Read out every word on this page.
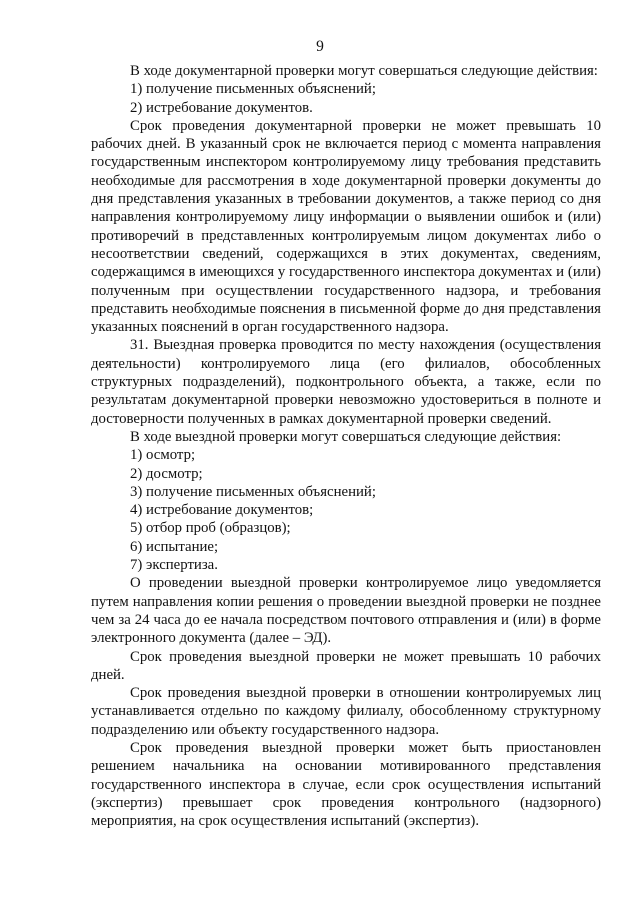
9

В ходе документарной проверки могут совершаться следующие действия:

1) получение письменных объяснений;

2) истребование документов.

Срок проведения документарной проверки не может превышать 10 рабочих дней. В указанный срок не включается период с момента направления государственным инспектором контролируемому лицу требования представить необходимые для рассмотрения в ходе документарной проверки документы до дня представления указанных в требовании документов, а также период со дня направления контролируемому лицу информации о выявлении ошибок и (или) противоречий в представленных контролируемым лицом документах либо о несоответствии сведений, содержащихся в этих документах, сведениям, содержащимся в имеющихся у государственного инспектора документах и (или) полученным при осуществлении государственного надзора, и требования представить необходимые пояснения в письменной форме до дня представления указанных пояснений в орган государственного надзора.

31. Выездная проверка проводится по месту нахождения (осуществления деятельности) контролируемого лица (его филиалов, обособленных структурных подразделений), подконтрольного объекта, а также, если по результатам документарной проверки невозможно удостовериться в полноте и достоверности полученных в рамках документарной проверки сведений.

В ходе выездной проверки могут совершаться следующие действия:

1) осмотр;

2) досмотр;

3) получение письменных объяснений;

4) истребование документов;

5) отбор проб (образцов);

6) испытание;

7) экспертиза.

О проведении выездной проверки контролируемое лицо уведомляется путем направления копии решения о проведении выездной проверки не позднее чем за 24 часа до ее начала посредством почтового отправления и (или) в форме электронного документа (далее – ЭД).

Срок проведения выездной проверки не может превышать 10 рабочих дней.

Срок проведения выездной проверки в отношении контролируемых лиц устанавливается отдельно по каждому филиалу, обособленному структурному подразделению или объекту государственного надзора.

Срок проведения выездной проверки может быть приостановлен решением начальника на основании мотивированного представления государственного инспектора в случае, если срок осуществления испытаний (экспертиз) превышает срок проведения контрольного (надзорного) мероприятия, на срок осуществления испытаний (экспертиз).
